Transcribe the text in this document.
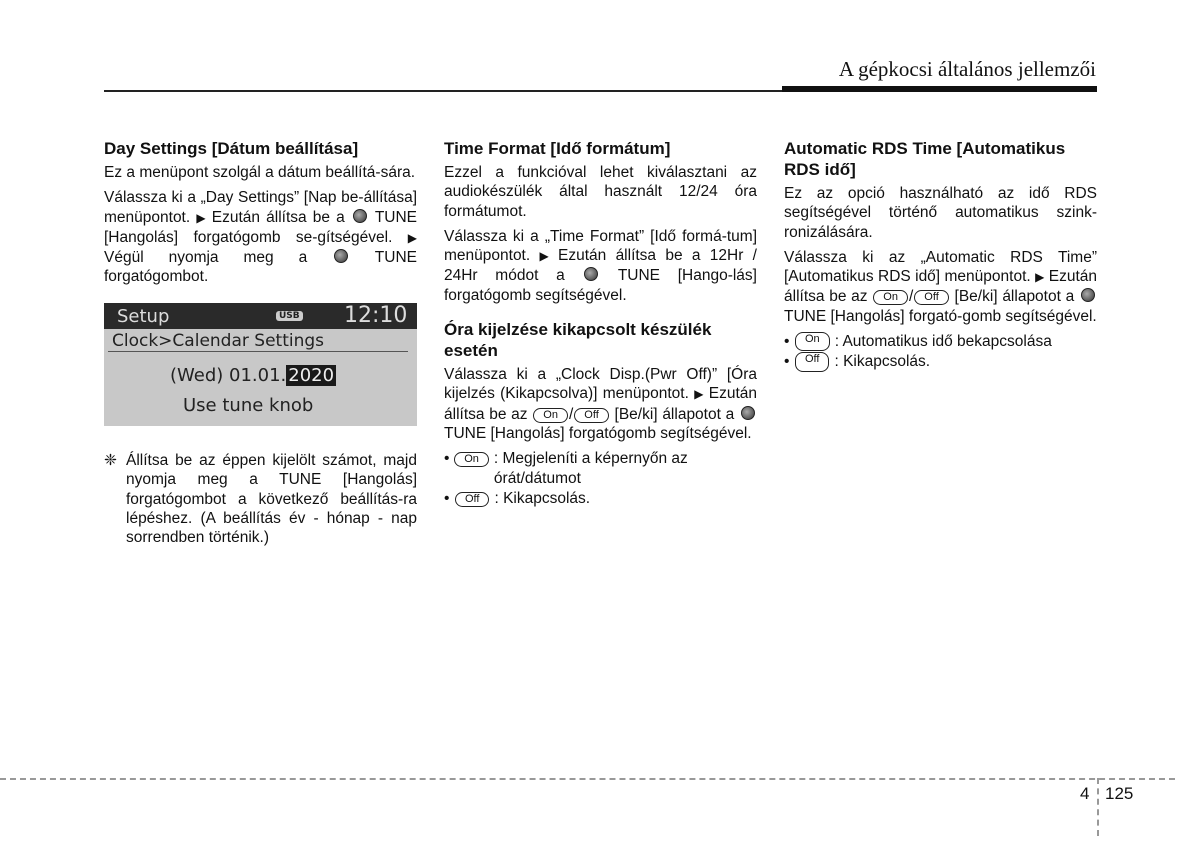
A gépkocsi általános jellemzői
Day Settings [Dátum beállítása]

Ez a menüpont szolgál a dátum beállítá-sára.

Válassza ki a „Day Settings” [Nap be-állítása] menüpontot. ▶ Ezután állítsa be a TUNE [Hangolás] forgatógomb se-gítségével. ▶ Végül nyomja meg a	TUNE forgatógombot.

Setup	USB 12:10
Clock>Calendar Settings
(Wed) 01.01. 2020
Use tune knob
❈ Állítsa be az éppen kijelölt számot, majd nyomja meg a TUNE [Hangolás] forgatógombot a következő beállítás-ra lépéshez. (A beállítás év - hónap - nap sorrendben történik.)
Time Format [Idő formátum]

Ezzel a funkcióval lehet kiválasztani az audiokészülék által használt 12/24 óra formátumot.

Válassza ki a „Time Format” [Idő formá-tum] menüpontot. ▶ Ezután állítsa be a 12Hr / 24Hr módot a	TUNE [Hango-lás] forgatógomb segítségével.

Óra kijelzése kikapcsolt készülék esetén

Válassza ki a „Clock Disp.(Pwr Off)” [Óra kijelzés (Kikapcsolva)] menüpontot. ▶ Ezután állítsa be az On / Off [Be/ki] állapotot a  TUNE [Hangolás] forgatógomb segítségével.

•	On : Megjeleníti a képernyőn az órát/dátumot
•	Off : Kikapcsolás.
Automatic RDS Time [Automatikus RDS idő]

Ez az opció használható az idő RDS segítségével történő automatikus szink-ronizálására.

Válassza ki az „Automatic RDS Time” [Automatikus RDS idő] menüpontot. ▶ Ezután állítsa be az On / Off [Be/ki] állapotot a  TUNE [Hangolás] forgató-gomb segítségével.

•	On : Automatikus idő bekapcsolása
•	Off : Kikapcsolás.
4 125
